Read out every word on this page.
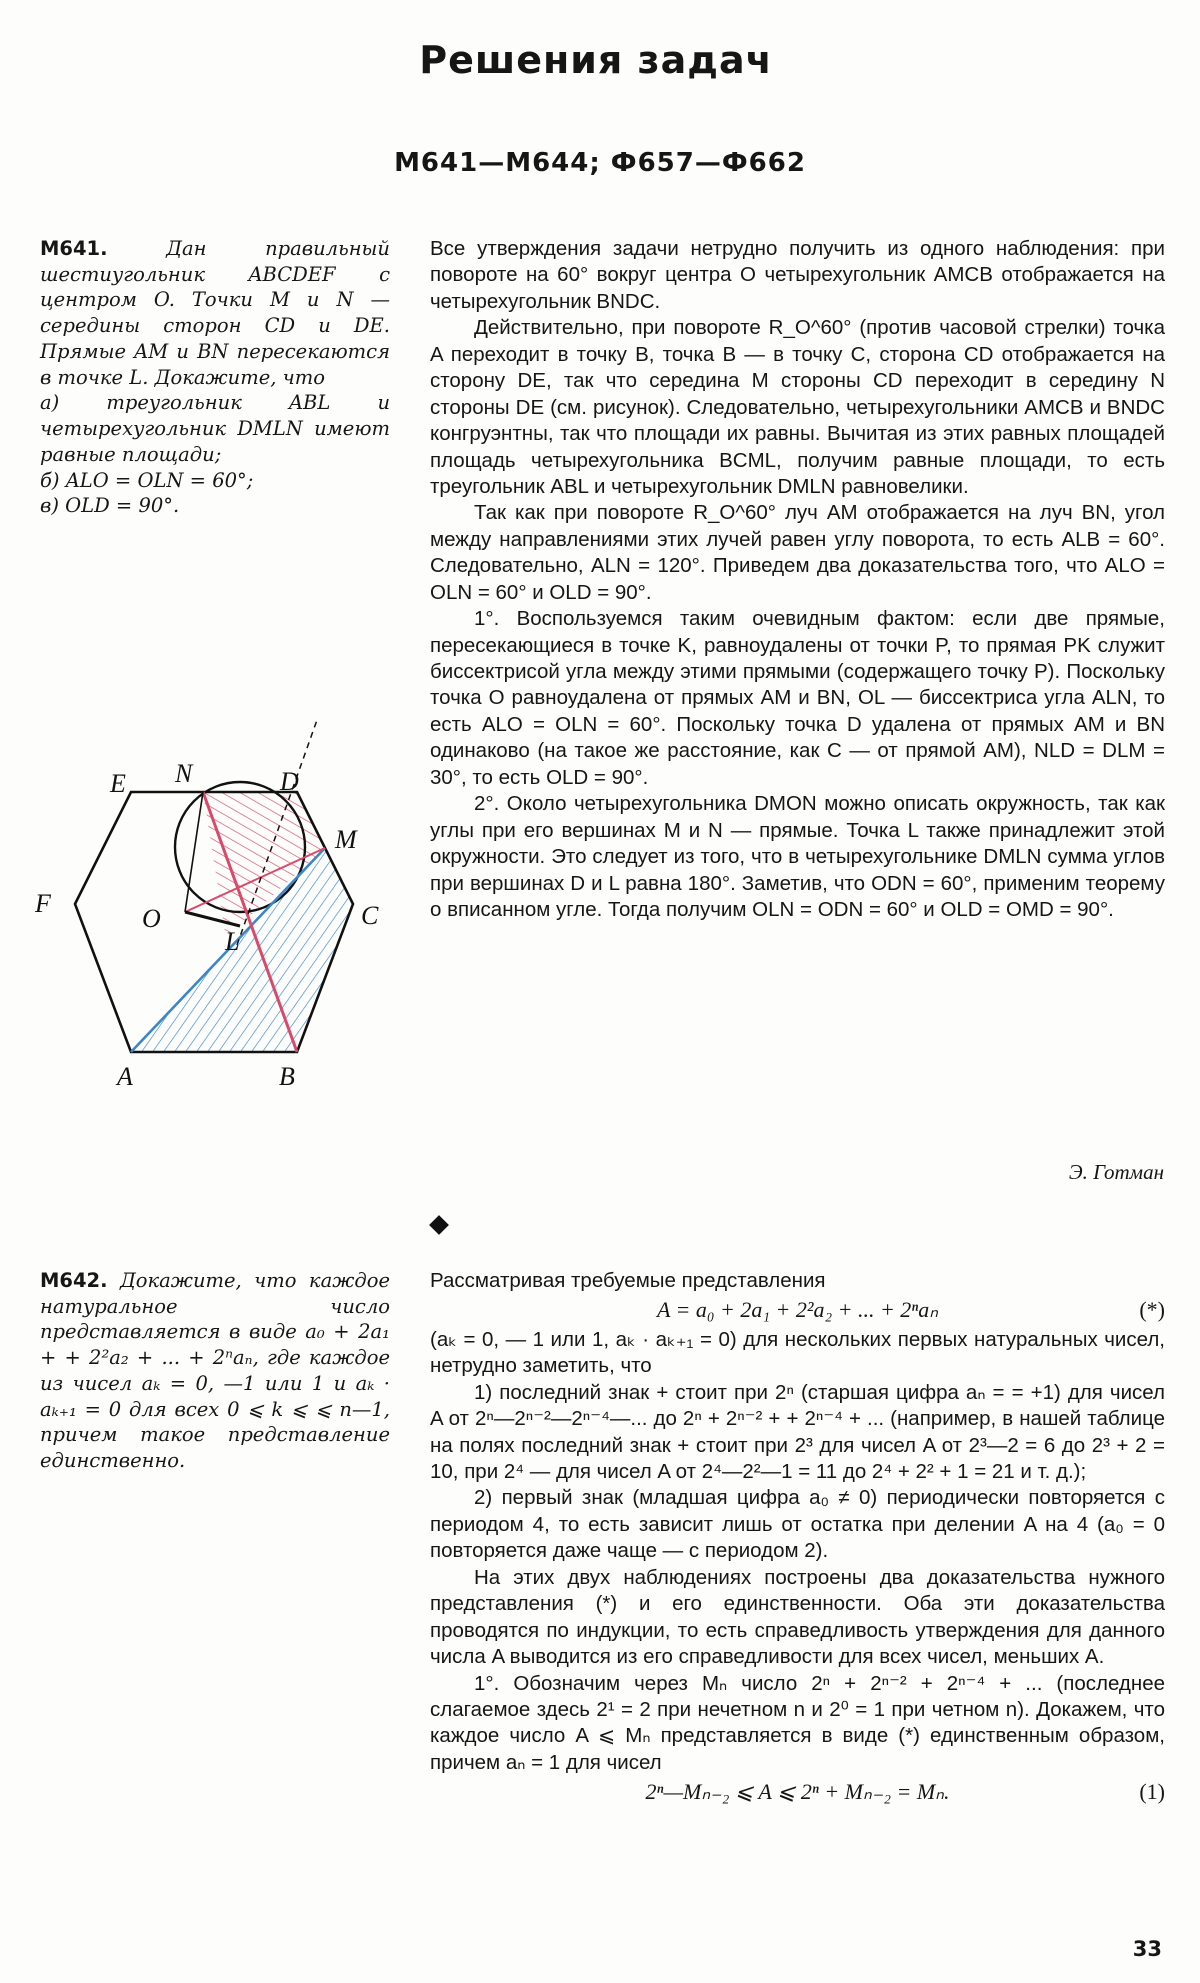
Решения задач
М641—М644; Ф657—Ф662
М641.	Дан правильный шестиугольник ABCDEF с центром O. Точки M и N — середины сторон CD и DE. Прямые AM и BN пересекаются в точке L. Докажите, что
а) треугольник ABL и четырехугольник DMLN имеют равные площади;
б) ALO = OLN = 60°;
в) OLD = 90°.

Все утверждения задачи нетрудно получить из одного наблюдения: при повороте на 60° вокруг центра O четырехугольник AMCB отображается на четырехугольник BNDC.

Действительно, при повороте R_O^60° (против часовой стрелки) точка A переходит в точку B, точка B — в точку C, сторона CD отображается на сторону DE, так что середина M стороны CD переходит в середину N стороны DE (см. рисунок). Следовательно, четырехугольники AMCB и BNDC конгруэнтны, так что площади их равны. Вычитая из этих равных площадей площадь четырехугольника BCML, получим равные площади, то есть треугольник ABL и четырехугольник DMLN равновелики.

Так как при повороте R_O^60° луч AM отображается на луч BN, угол между направлениями этих лучей равен углу поворота, то есть ALB = 60°. Следовательно, ALN = 120°. Приведем два доказательства того, что ALO = OLN = 60° и OLD = 90°.

1°. Воспользуемся таким очевидным фактом: если две прямые, пересекающиеся в точке K, равноудалены от точки P, то прямая PK служит биссектрисой угла между этими прямыми (содержащего точку P). Поскольку точка O равноудалена от прямых AM и BN, OL — биссектриса угла ALN, то есть ALO = OLN = 60°. Поскольку точка D удалена от прямых AM и BN одинаково (на такое же расстояние, как C — от прямой AM), NLD = DLM = 30°, то есть OLD = 90°.

2°. Около четырехугольника DMON можно описать окружность, так как углы при его вершинах M и N — прямые. Точка L также принадлежит этой окружности. Это следует из того, что в четырехугольнике DMLN сумма углов при вершинах D и L равна 180°. Заметив, что ODN = 60°, применим теорему о вписанном угле. Тогда получим OLN = ODN = 60° и OLD = OMD = 90°.

Э. Готман
E N	D
M
F
O
L
C
A	B
М642. Докажите, что каждое натуральное число представляется в виде a₀ + 2a₁ + + 2²a₂ + ... + 2ⁿaₙ, где каждое из чисел aₖ = 0, —1 или 1 и aₖ · aₖ₊₁ = 0 для всех 0 ⩽ k ⩽ ⩽ n—1, причем такое представление единственно.

Рассматривая требуемые представления

A = a₀ + 2a₁ + 2²a₂ + ... + 2ⁿaₙ	(*)

(aₖ = 0, — 1 или 1, aₖ · aₖ₊₁ = 0) для нескольких первых натуральных чисел, нетрудно заметить, что

1) последний знак + стоит при 2ⁿ (старшая цифра aₙ = = +1) для чисел A от 2ⁿ—2ⁿ⁻²—2ⁿ⁻⁴—... до 2ⁿ + 2ⁿ⁻² + + 2ⁿ⁻⁴ + ... (например, в нашей таблице на полях последний знак + стоит при 2³ для чисел A от 2³—2 = 6 до 2³ + 2 = 10, при 2⁴ — для чисел A от 2⁴—2²—1 = 11 до 2⁴ + 2² + 1 = 21 и т. д.);

2) первый знак (младшая цифра a₀ ≠ 0) периодически повторяется с периодом 4, то есть зависит лишь от остатка при делении A на 4 (a₀ = 0 повторяется даже чаще — с периодом 2).

На этих двух наблюдениях построены два доказательства нужного представления (*) и его единственности. Оба эти доказательства проводятся по индукции, то есть справедливость утверждения для данного числа A выводится из его справедливости для всех чисел, меньших A.

1°. Обозначим через Mₙ число 2ⁿ + 2ⁿ⁻² + 2ⁿ⁻⁴ + ... (последнее слагаемое здесь 2¹ = 2 при нечетном n и 2⁰ = 1 при четном n). Докажем, что каждое число A ⩽ Mₙ представляется в виде (*) единственным образом, причем aₙ = 1 для чисел

2ⁿ—Mₙ₋₂ ⩽ A ⩽ 2ⁿ + Mₙ₋₂ = Mₙ.	(1)
33
